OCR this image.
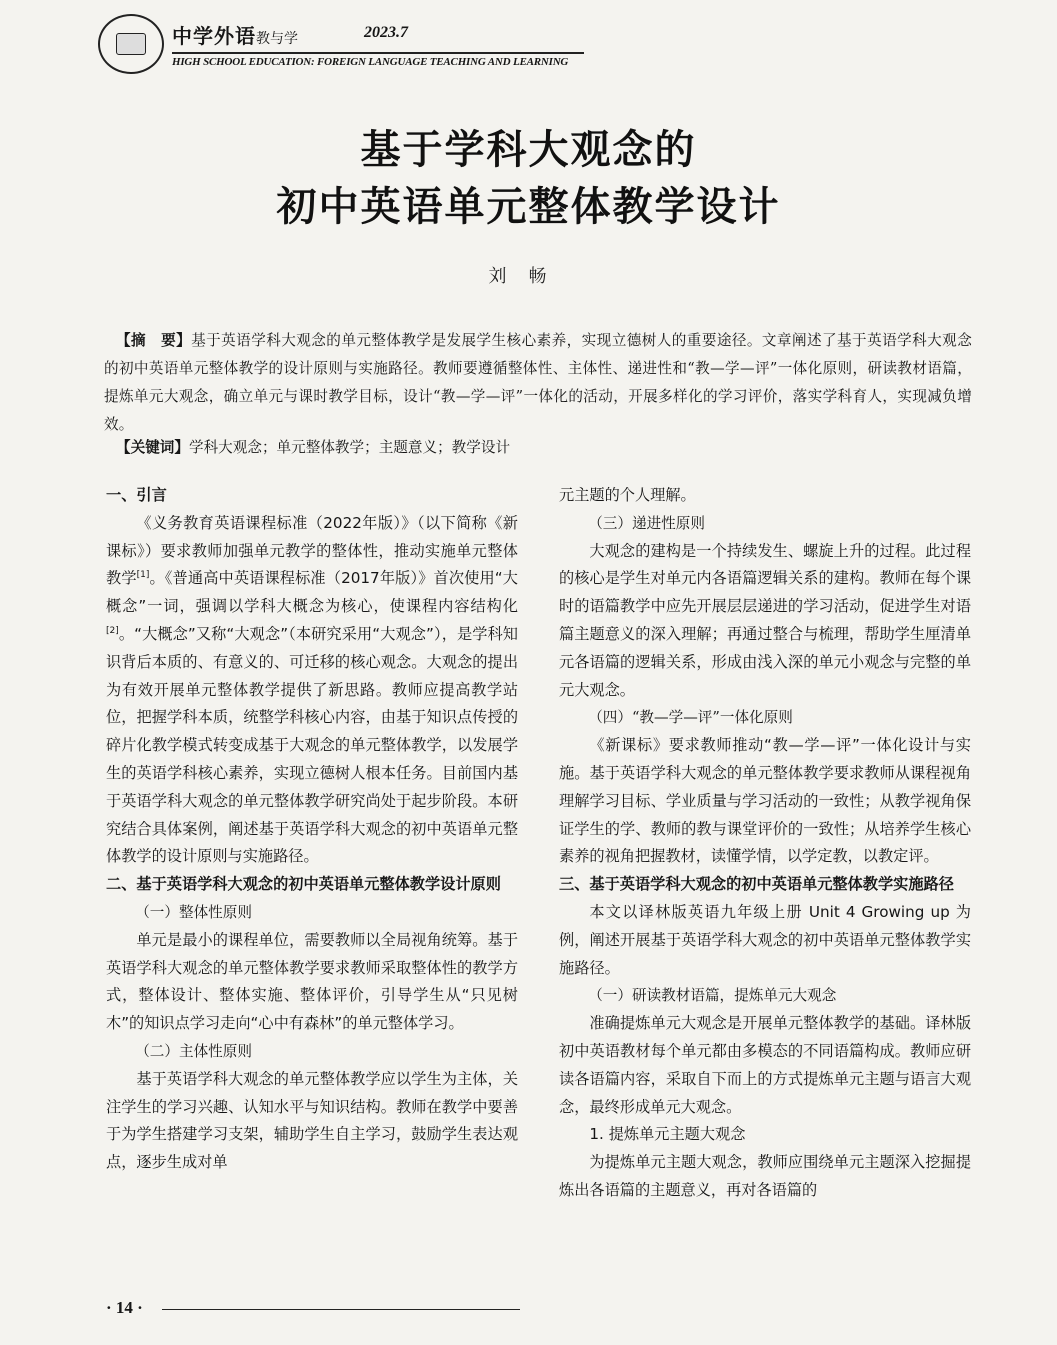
中学外语教与学	2023.7
HIGH SCHOOL EDUCATION: FOREIGN LANGUAGE TEACHING AND LEARNING
基于学科大观念的
初中英语单元整体教学设计
刘畅
【摘　要】基于英语学科大观念的单元整体教学是发展学生核心素养，实现立德树人的重要途径。文章阐述了基于英语学科大观念的初中英语单元整体教学的设计原则与实施路径。教师要遵循整体性、主体性、递进性和“教—学—评”一体化原则，研读教材语篇，提炼单元大观念，确立单元与课时教学目标，设计“教—学—评”一体化的活动，开展多样化的学习评价，落实学科育人，实现减负增效。
【关键词】学科大观念；单元整体教学；主题意义；教学设计

一、引言

《义务教育英语课程标准（2022年版）》（以下简称《新课标》）要求教师加强单元教学的整体性，推动实施单元整体教学[1]。《普通高中英语课程标准（2017年版）》首次使用“大概念”一词，强调以学科大概念为核心，使课程内容结构化[2]。“大概念”又称“大观念”（本研究采用“大观念”），是学科知识背后本质的、有意义的、可迁移的核心观念。大观念的提出为有效开展单元整体教学提供了新思路。教师应提高教学站位，把握学科本质，统整学科核心内容，由基于知识点传授的碎片化教学模式转变成基于大观念的单元整体教学，以发展学生的英语学科核心素养，实现立德树人根本任务。目前国内基于英语学科大观念的单元整体教学研究尚处于起步阶段。本研究结合具体案例，阐述基于英语学科大观念的初中英语单元整体教学的设计原则与实施路径。

二、基于英语学科大观念的初中英语单元整体教学设计原则

（一）整体性原则

单元是最小的课程单位，需要教师以全局视角统筹。基于英语学科大观念的单元整体教学要求教师采取整体性的教学方式，整体设计、整体实施、整体评价，引导学生从“只见树木”的知识点学习走向“心中有森林”的单元整体学习。

（二）主体性原则

基于英语学科大观念的单元整体教学应以学生为主体，关注学生的学习兴趣、认知水平与知识结构。教师在教学中要善于为学生搭建学习支架，辅助学生自主学习，鼓励学生表达观点，逐步生成对单

元主题的个人理解。

（三）递进性原则

大观念的建构是一个持续发生、螺旋上升的过程。此过程的核心是学生对单元内各语篇逻辑关系的建构。教师在每个课时的语篇教学中应先开展层层递进的学习活动，促进学生对语篇主题意义的深入理解；再通过整合与梳理，帮助学生厘清单元各语篇的逻辑关系，形成由浅入深的单元小观念与完整的单元大观念。

（四）“教—学—评”一体化原则

《新课标》要求教师推动“教—学—评”一体化设计与实施。基于英语学科大观念的单元整体教学要求教师从课程视角理解学习目标、学业质量与学习活动的一致性；从教学视角保证学生的学、教师的教与课堂评价的一致性；从培养学生核心素养的视角把握教材，读懂学情，以学定教，以教定评。

三、基于英语学科大观念的初中英语单元整体教学实施路径

本文以译林版英语九年级上册 Unit 4 Growing up 为例，阐述开展基于英语学科大观念的初中英语单元整体教学实施路径。

（一）研读教材语篇，提炼单元大观念

准确提炼单元大观念是开展单元整体教学的基础。译林版初中英语教材每个单元都由多模态的不同语篇构成。教师应研读各语篇内容，采取自下而上的方式提炼单元主题与语言大观念，最终形成单元大观念。

1. 提炼单元主题大观念

为提炼单元主题大观念，教师应围绕单元主题深入挖掘提炼出各语篇的主题意义，再对各语篇的

· 14 ·
